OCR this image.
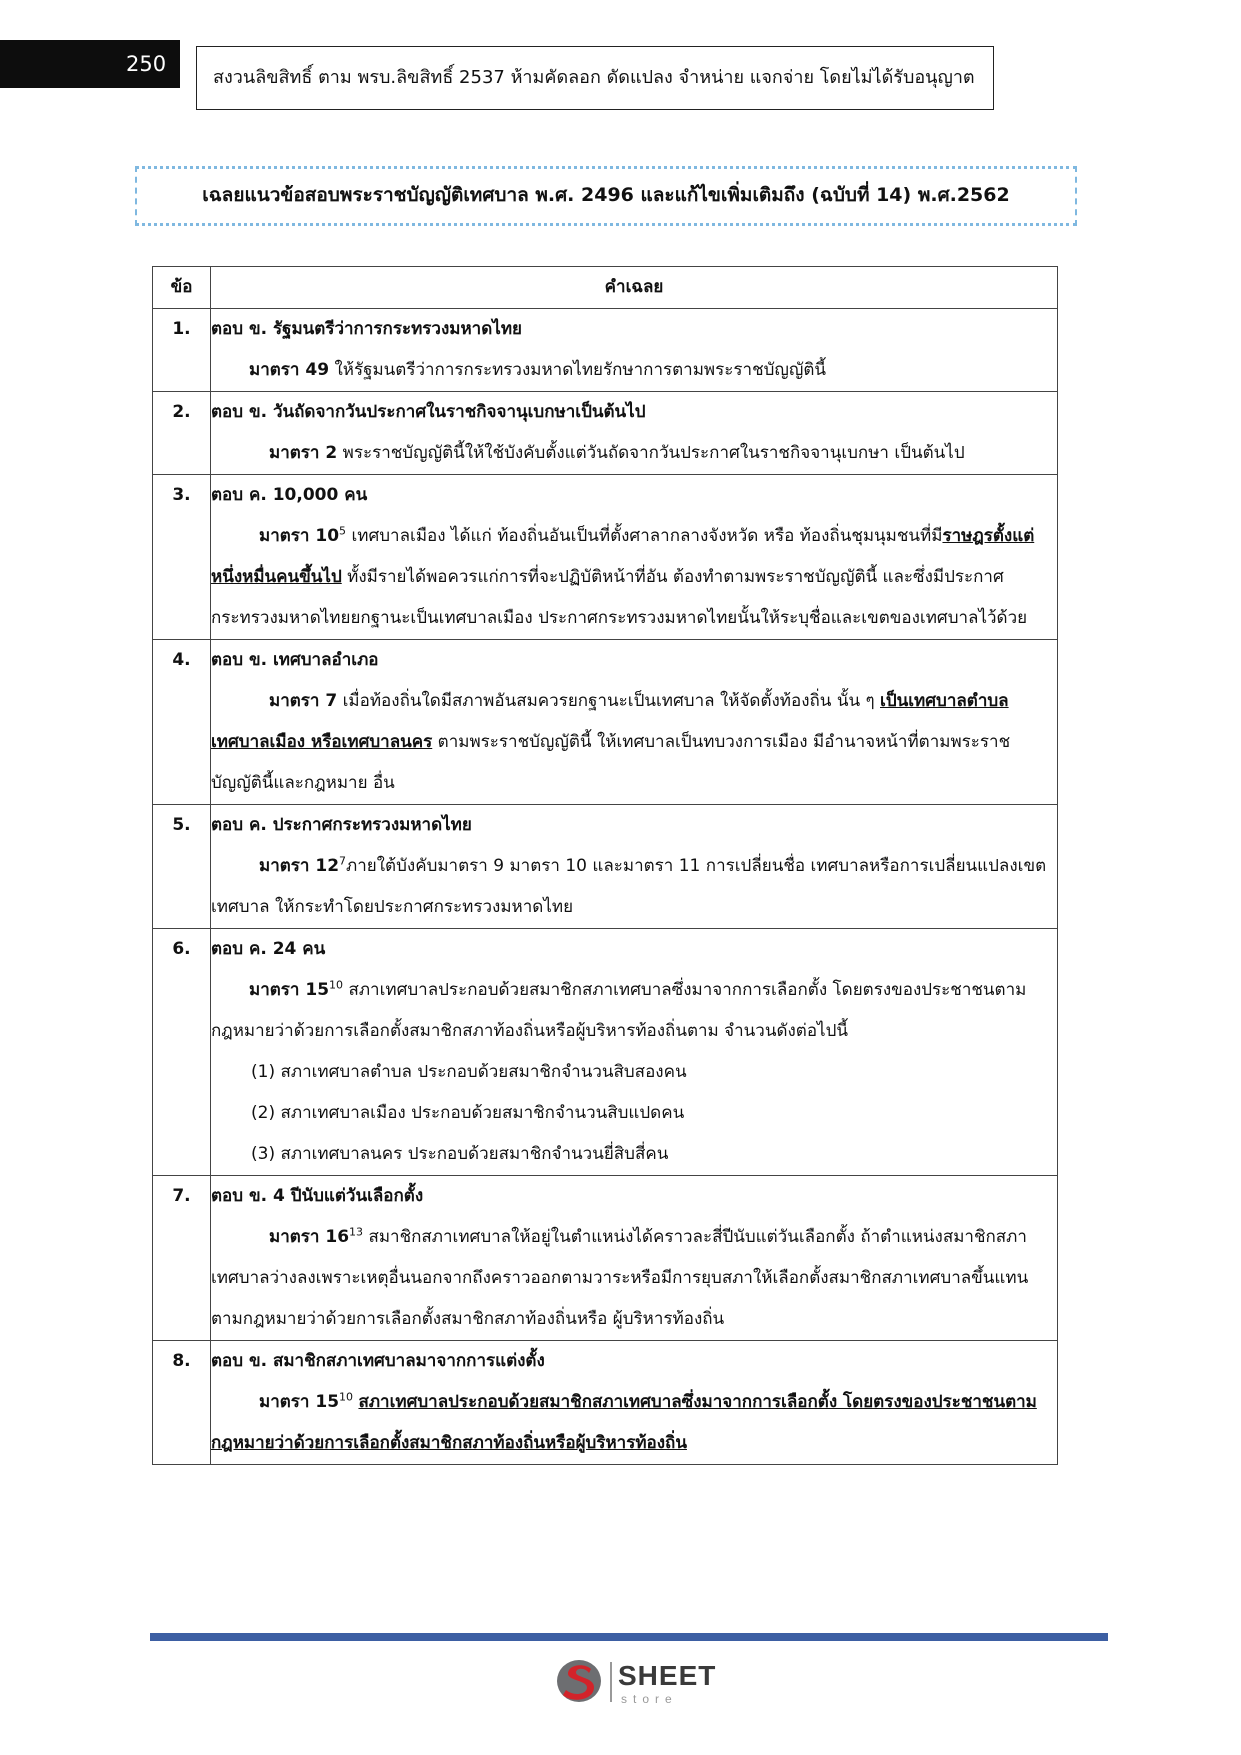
250
สงวนลิขสิทธิ์ ตาม พรบ.ลิขสิทธิ์ 2537 ห้ามคัดลอก ดัดแปลง จำหน่าย แจกจ่าย โดยไม่ได้รับอนุญาต
เฉลยแนวข้อสอบพระราชบัญญัติเทศบาล พ.ศ. 2496 และแก้ไขเพิ่มเติมถึง (ฉบับที่ 14) พ.ศ.2562
ข้อ	คำเฉลย
1.	ตอบ ข. รัฐมนตรีว่าการกระทรวงมหาดไทย

มาตรา 49 ให้รัฐมนตรีว่าการกระทรวงมหาดไทยรักษาการตามพระราชบัญญัตินี้

2.	ตอบ ข. วันถัดจากวันประกาศในราชกิจจานุเบกษาเป็นต้นไป

มาตรา 2 พระราชบัญญัตินี้ให้ใช้บังคับตั้งแต่วันถัดจากวันประกาศในราชกิจจานุเบกษา เป็นต้นไป

3.	ตอบ ค. 10,000 คน

มาตรา $10^5$ เทศบาลเมือง ได้แก่ ท้องถิ่นอันเป็นที่ตั้งศาลากลางจังหวัด หรือ ท้องถิ่นชุมนุมชนที่มีราษฎรตั้งแต่หนึ่งหมื่นคนขึ้นไป ทั้งมีรายได้พอควรแก่การที่จะปฏิบัติหน้าที่อัน ต้องทำตามพระราชบัญญัตินี้ และซึ่งมีประกาศกระทรวงมหาดไทยยกฐานะเป็นเทศบาลเมือง ประกาศกระทรวงมหาดไทยนั้นให้ระบุชื่อและเขตของเทศบาลไว้ด้วย

4.	ตอบ ข. เทศบาลอำเภอ

มาตรา 7 เมื่อท้องถิ่นใดมีสภาพอันสมควรยกฐานะเป็นเทศบาล ให้จัดตั้งท้องถิ่น นั้น ๆ เป็นเทศบาลตำบล เทศบาลเมือง หรือเทศบาลนคร ตามพระราชบัญญัตินี้ ให้เทศบาลเป็นทบวงการเมือง มีอำนาจหน้าที่ตามพระราชบัญญัตินี้และกฎหมาย อื่น

5.	ตอบ ค. ประกาศกระทรวงมหาดไทย

มาตรา $12^7$ภายใต้บังคับมาตรา 9 มาตรา 10 และมาตรา 11 การเปลี่ยนชื่อ เทศบาลหรือการเปลี่ยนแปลงเขตเทศบาล ให้กระทำโดยประกาศกระทรวงมหาดไทย

6.	ตอบ ค. 24 คน

มาตรา $15^{10}$ สภาเทศบาลประกอบด้วยสมาชิกสภาเทศบาลซึ่งมาจากการเลือกตั้ง โดยตรงของประชาชนตามกฎหมายว่าด้วยการเลือกตั้งสมาชิกสภาท้องถิ่นหรือผู้บริหารท้องถิ่นตาม จำนวนดังต่อไปนี้

(1) สภาเทศบาลตำบล ประกอบด้วยสมาชิกจำนวนสิบสองคน

(2) สภาเทศบาลเมือง ประกอบด้วยสมาชิกจำนวนสิบแปดคน

(3) สภาเทศบาลนคร ประกอบด้วยสมาชิกจำนวนยี่สิบสี่คน

7.	ตอบ ข. 4 ปีนับแต่วันเลือกตั้ง

มาตรา $16^{13}$ สมาชิกสภาเทศบาลให้อยู่ในตำแหน่งได้คราวละสี่ปีนับแต่วันเลือกตั้ง ถ้าตำแหน่งสมาชิกสภาเทศบาลว่างลงเพราะเหตุอื่นนอกจากถึงคราวออกตามวาระหรือมีการยุบสภาให้เลือกตั้งสมาชิกสภาเทศบาลขึ้นแทนตามกฎหมายว่าด้วยการเลือกตั้งสมาชิกสภาท้องถิ่นหรือ ผู้บริหารท้องถิ่น

8.	ตอบ ข. สมาชิกสภาเทศบาลมาจากการแต่งตั้ง

มาตรา $15^{10}$ สภาเทศบาลประกอบด้วยสมาชิกสภาเทศบาลซึ่งมาจากการเลือกตั้ง โดยตรงของประชาชนตามกฎหมายว่าด้วยการเลือกตั้งสมาชิกสภาท้องถิ่นหรือผู้บริหารท้องถิ่น

SHEET
store
